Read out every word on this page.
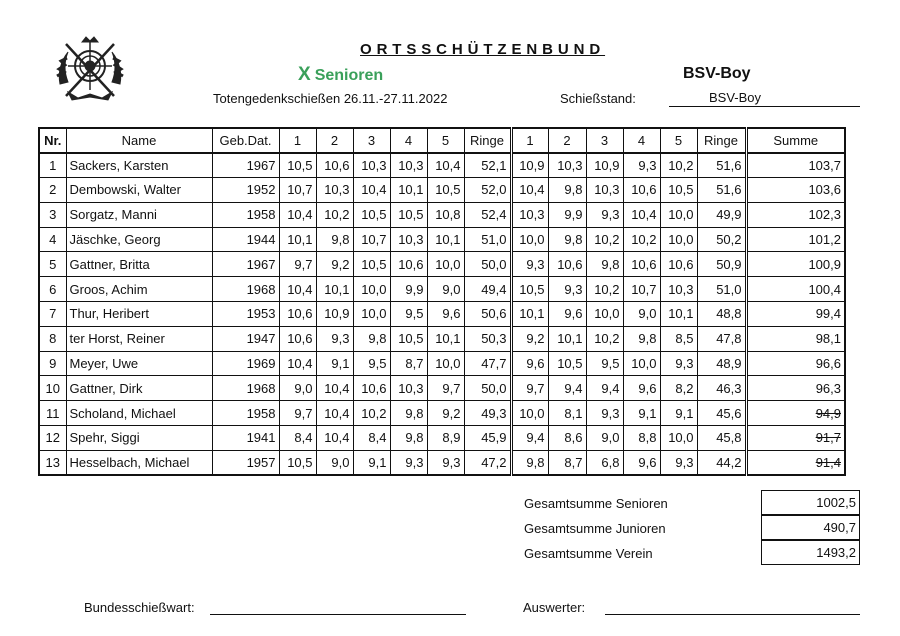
ORTSSCHÜTZENBUND
X Senioren	BSV-Boy
Totengedenkschießen 26.11.-27.11.2022	Schießstand:	BSV-Boy
Nr.	Name	Geb.Dat.	1	2	3	4	5	Ringe	1	2	3	4	5	Ringe	Summe
1	Sackers, Karsten	1967	10,5	10,6	10,3	10,3	10,4	52,1	10,9	10,3	10,9	9,3	10,2	51,6	103,7
2	Dembowski, Walter	1952	10,7	10,3	10,4	10,1	10,5	52,0	10,4	9,8	10,3	10,6	10,5	51,6	103,6
3	Sorgatz, Manni	1958	10,4	10,2	10,5	10,5	10,8	52,4	10,3	9,9	9,3	10,4	10,0	49,9	102,3
4	Jäschke, Georg	1944	10,1	9,8	10,7	10,3	10,1	51,0	10,0	9,8	10,2	10,2	10,0	50,2	101,2
5	Gattner, Britta	1967	9,7	9,2	10,5	10,6	10,0	50,0	9,3	10,6	9,8	10,6	10,6	50,9	100,9
6	Groos, Achim	1968	10,4	10,1	10,0	9,9	9,0	49,4	10,5	9,3	10,2	10,7	10,3	51,0	100,4
7	Thur, Heribert	1953	10,6	10,9	10,0	9,5	9,6	50,6	10,1	9,6	10,0	9,0	10,1	48,8	99,4
8	ter Horst, Reiner	1947	10,6	9,3	9,8	10,5	10,1	50,3	9,2	10,1	10,2	9,8	8,5	47,8	98,1
9	Meyer, Uwe	1969	10,4	9,1	9,5	8,7	10,0	47,7	9,6	10,5	9,5	10,0	9,3	48,9	96,6
10	Gattner, Dirk	1968	9,0	10,4	10,6	10,3	9,7	50,0	9,7	9,4	9,4	9,6	8,2	46,3	96,3
11	Scholand, Michael	1958	9,7	10,4	10,2	9,8	9,2	49,3	10,0	8,1	9,3	9,1	9,1	45,6	94,9
12	Spehr, Siggi	1941	8,4	10,4	8,4	9,8	8,9	45,9	9,4	8,6	9,0	8,8	10,0	45,8	91,7
13	Hesselbach, Michael	1957	10,5	9,0	9,1	9,3	9,3	47,2	9,8	8,7	6,8	9,6	9,3	44,2	91,4
Gesamtsumme Senioren	1002,5
Gesamtsumme Junioren	490,7
Gesamtsumme Verein	1493,2
Bundesschießwart:	Auswerter:
